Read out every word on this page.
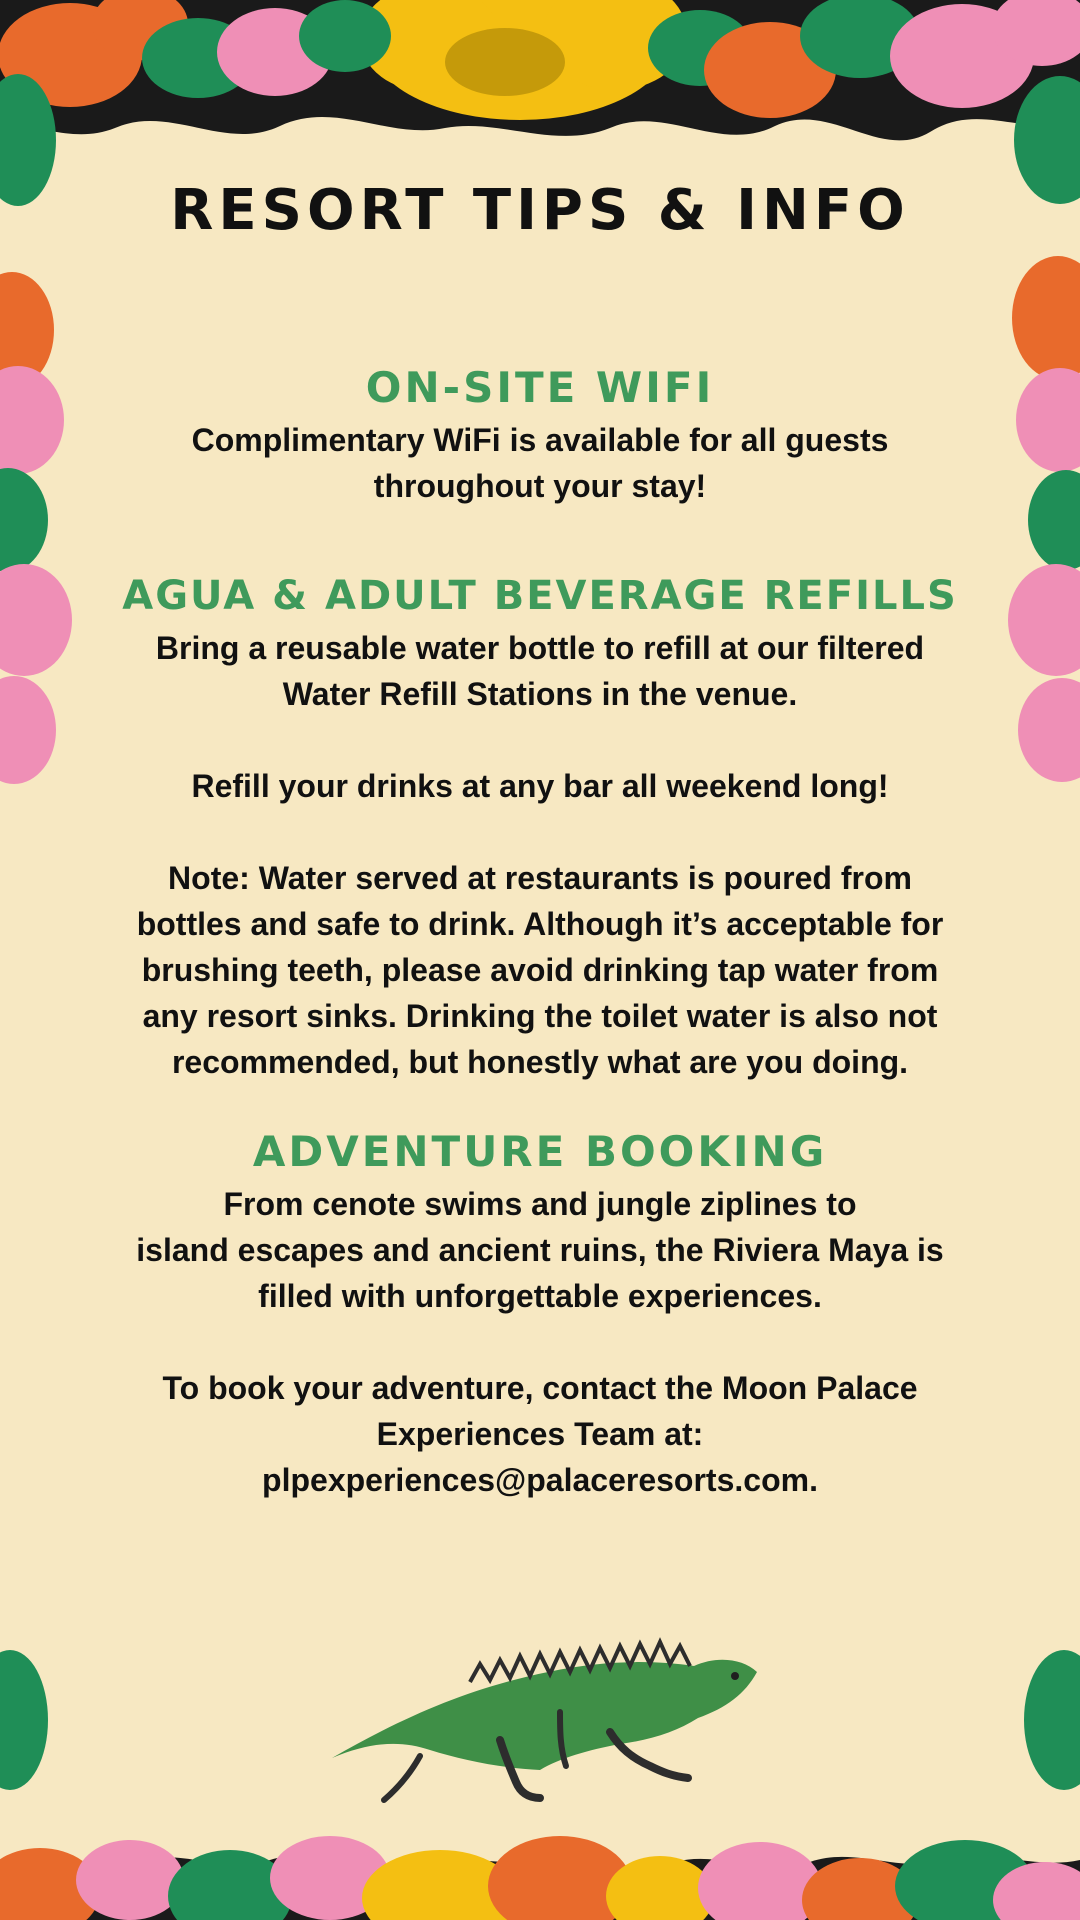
RESORT TIPS & INFO
ON-SITE WIFI

Complimentary WiFi is available for all guests
throughout your stay!

AGUA & ADULT BEVERAGE REFILLS

Bring a reusable water bottle to refill at our filtered
Water Refill Stations in the venue.

Refill your drinks at any bar all weekend long!

Note: Water served at restaurants is poured from
bottles and safe to drink. Although it’s acceptable for
brushing teeth, please avoid drinking tap water from
any resort sinks. Drinking the toilet water is also not
recommended, but honestly what are you doing.

ADVENTURE BOOKING

From cenote swims and jungle ziplines to
island escapes and ancient ruins, the Riviera Maya is
filled with unforgettable experiences.

To book your adventure, contact the Moon Palace
Experiences Team at:
plpexperiences@palaceresorts.com.
